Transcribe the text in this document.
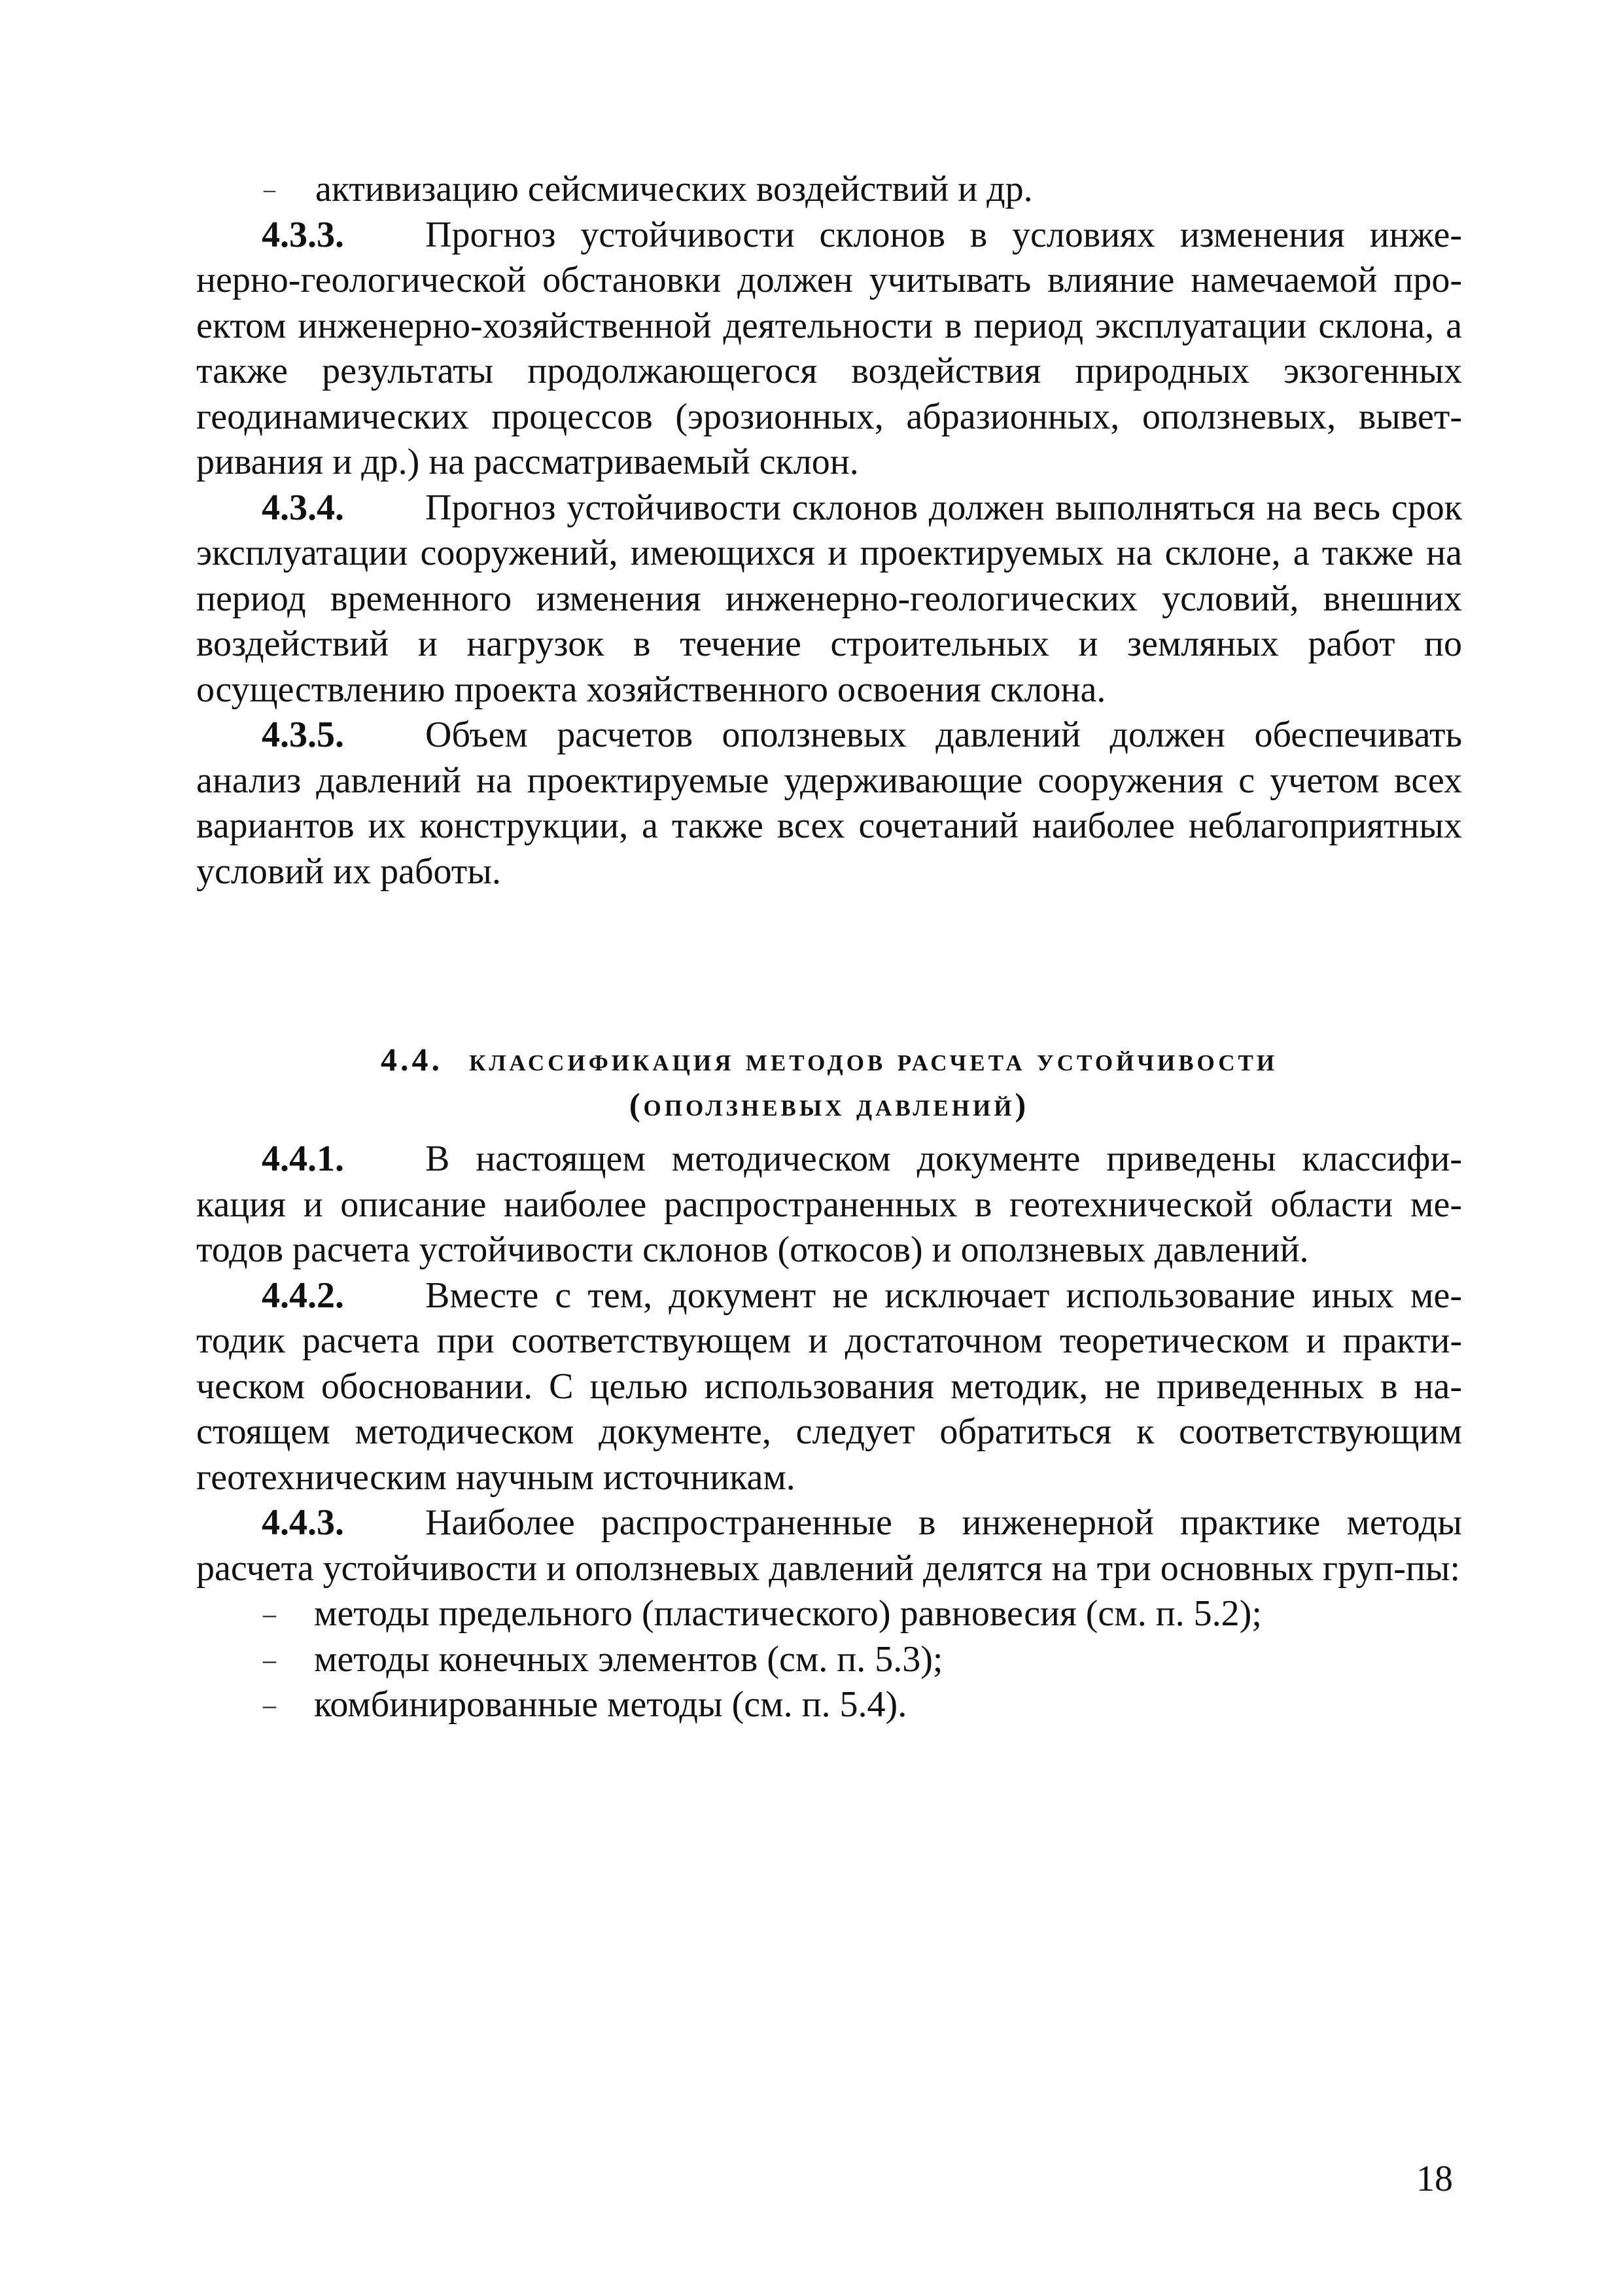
– активизацию сейсмических воздействий и др.

4.3.3. Прогноз устойчивости склонов в условиях изменения инже-нерно-геологической обстановки должен учитывать влияние намечаемой про-ектом инженерно-хозяйственной деятельности в период эксплуатации склона, а также результаты продолжающегося воздействия природных экзогенных геодинамических процессов (эрозионных, абразионных, оползневых, вывет-ривания и др.) на рассматриваемый склон.

4.3.4. Прогноз устойчивости склонов должен выполняться на весь срок эксплуатации сооружений, имеющихся и проектируемых на склоне, а также на период временного изменения инженерно-геологических условий, внешних воздействий и нагрузок в течение строительных и земляных работ по осуществлению проекта хозяйственного освоения склона.

4.3.5. Объем расчетов оползневых давлений должен обеспечивать анализ давлений на проектируемые удерживающие сооружения с учетом всех вариантов их конструкции, а также всех сочетаний наиболее неблагоприятных условий их работы.

4.4. классификация методов расчета устойчивости

(оползневых давлений)

4.4.1. В настоящем методическом документе приведены классифи-кация и описание наиболее распространенных в геотехнической области ме-тодов расчета устойчивости склонов (откосов) и оползневых давлений.

4.4.2. Вместе с тем, документ не исключает использование иных ме-тодик расчета при соответствующем и достаточном теоретическом и практи-ческом обосновании. С целью использования методик, не приведенных в на-стоящем методическом документе, следует обратиться к соответствующим геотехническим научным источникам.

4.4.3. Наиболее распространенные в инженерной практике методы расчета устойчивости и оползневых давлений делятся на три основных груп-пы:

– методы предельного (пластического) равновесия (см. п. 5.2);
– методы конечных элементов (см. п. 5.3);
– комбинированные методы (см. п. 5.4).
18
